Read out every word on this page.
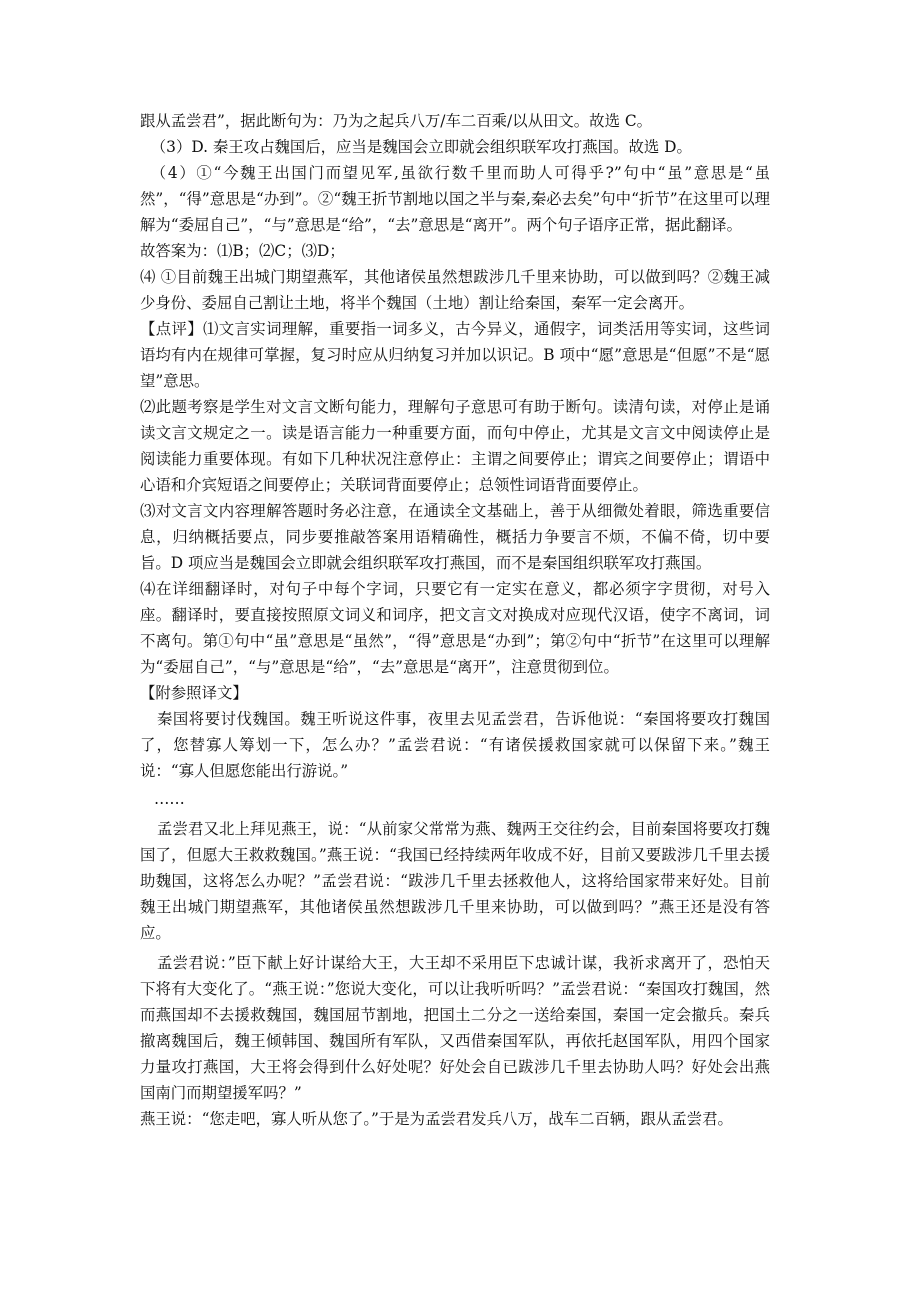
跟从孟尝君”，据此断句为：乃为之起兵八万/车二百乘/以从田文。故选 C。

（3）D. 秦王攻占魏国后，应当是魏国会立即就会组织联军攻打燕国。故选 D。

（4）①“今魏王出国门而望见军,虽欲行数千里而助人可得乎?”句中“虽”意思是“虽然”，“得”意思是“办到”。②“魏王折节割地以国之半与秦,秦必去矣”句中“折节”在这里可以理解为“委屈自己”，“与”意思是“给”，“去”意思是“离开”。两个句子语序正常，据此翻译。

故答案为：⑴B；⑵C；⑶D；

⑷ ①目前魏王出城门期望燕军，其他诸侯虽然想跋涉几千里来协助，可以做到吗？②魏王减少身份、委屈自己割让土地，将半个魏国（土地）割让给秦国，秦军一定会离开。

【点评】⑴文言实词理解，重要指一词多义，古今异义，通假字，词类活用等实词，这些词语均有内在规律可掌握，复习时应从归纳复习并加以识记。B 项中“愿”意思是“但愿”不是“愿望”意思。

⑵此题考察是学生对文言文断句能力，理解句子意思可有助于断句。读清句读，对停止是诵读文言文规定之一。读是语言能力一种重要方面，而句中停止，尤其是文言文中阅读停止是阅读能力重要体现。有如下几种状况注意停止：主谓之间要停止；谓宾之间要停止；谓语中心语和介宾短语之间要停止；关联词背面要停止；总领性词语背面要停止。

⑶对文言文内容理解答题时务必注意，在通读全文基础上，善于从细微处着眼，筛选重要信息，归纳概括要点，同步要推敲答案用语精确性，概括力争要言不烦，不偏不倚，切中要旨。D 项应当是魏国会立即就会组织联军攻打燕国，而不是秦国组织联军攻打燕国。

⑷在详细翻译时，对句子中每个字词，只要它有一定实在意义，都必须字字贯彻，对号入座。翻译时，要直接按照原文词义和词序，把文言文对换成对应现代汉语，使字不离词，词不离句。第①句中“虽”意思是“虽然”，“得”意思是“办到”；第②句中“折节”在这里可以理解为“委屈自己”，“与”意思是“给”，“去”意思是“离开”，注意贯彻到位。

【附参照译文】

秦国将要讨伐魏国。魏王听说这件事，夜里去见孟尝君，告诉他说：“秦国将要攻打魏国了，您替寡人筹划一下，怎么办？”孟尝君说：“有诸侯援救国家就可以保留下来。”魏王说：“寡人但愿您能出行游说。”

……

孟尝君又北上拜见燕王，说：“从前家父常常为燕、魏两王交往约会，目前秦国将要攻打魏国了，但愿大王救救魏国。”燕王说：“我国已经持续两年收成不好，目前又要跋涉几千里去援助魏国，这将怎么办呢？”孟尝君说：“跋涉几千里去拯救他人，这将给国家带来好处。目前魏王出城门期望燕军，其他诸侯虽然想跋涉几千里来协助，可以做到吗？”燕王还是没有答应。

孟尝君说：”臣下献上好计谋给大王，大王却不采用臣下忠诚计谋，我祈求离开了，恐怕天下将有大变化了。“燕王说：”您说大变化，可以让我听听吗？”孟尝君说：“秦国攻打魏国，然而燕国却不去援救魏国，魏国屈节割地，把国土二分之一送给秦国，秦国一定会撤兵。秦兵撤离魏国后，魏王倾韩国、魏国所有军队，又西借秦国军队，再依托赵国军队，用四个国家力量攻打燕国，大王将会得到什么好处呢？好处会自已跋涉几千里去协助人吗？好处会出燕国南门而期望援军吗？”

燕王说：“您走吧，寡人听从您了。”于是为孟尝君发兵八万，战车二百辆，跟从孟尝君。
